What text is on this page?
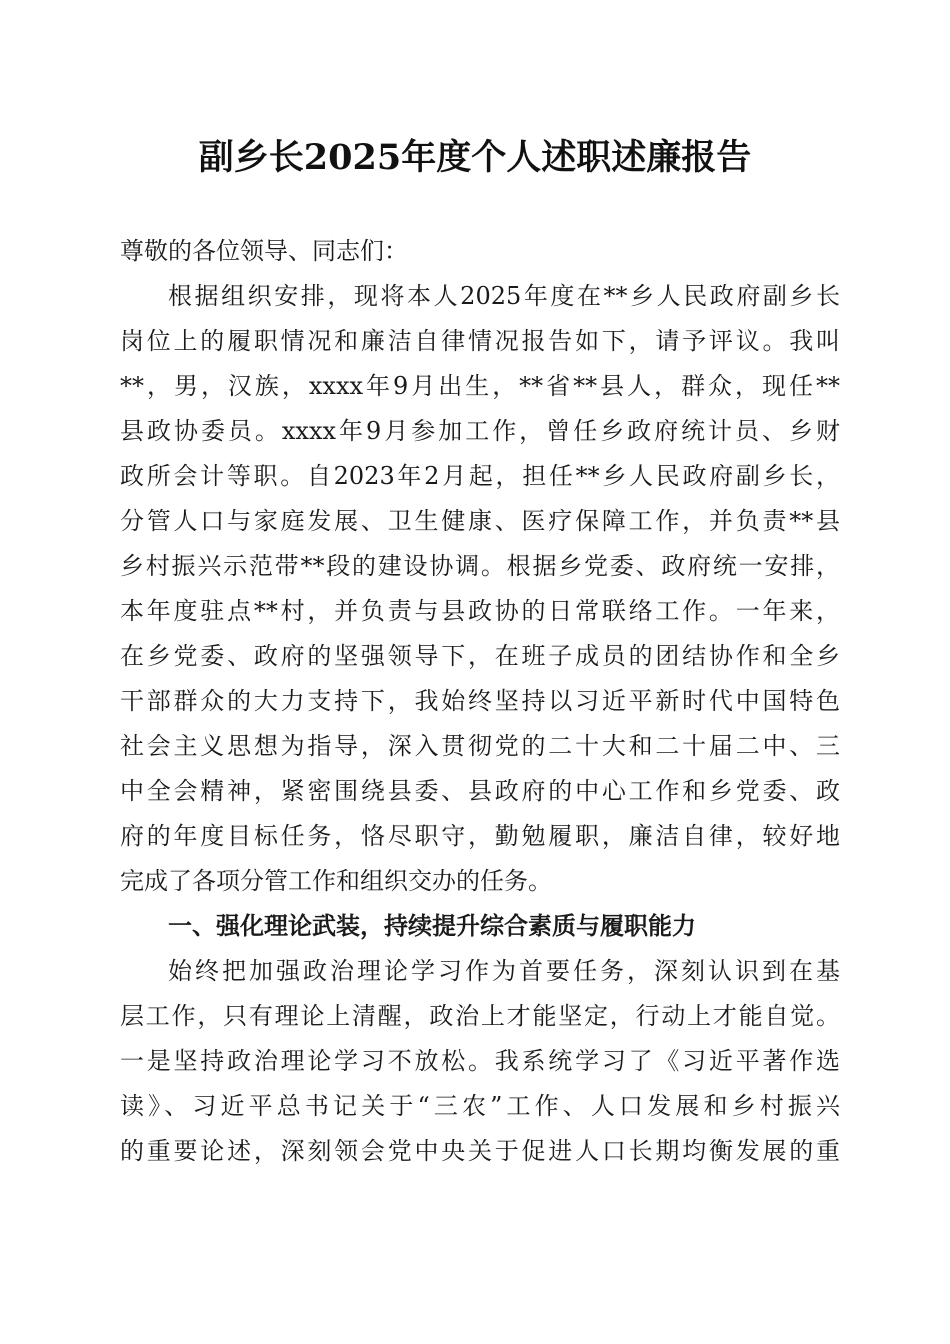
副乡长2025年度个人述职述廉报告
尊敬的各位领导、同志们：
根据组织安排，现将本人2025年度在**乡人民政府副乡长
岗位上的履职情况和廉洁自律情况报告如下，请予评议。我叫
**，男，汉族，xxxx年9月出生，**省**县人，群众，现任**
县政协委员。xxxx年9月参加工作，曾任乡政府统计员、乡财
政所会计等职。自2023年2月起，担任**乡人民政府副乡长，
分管人口与家庭发展、卫生健康、医疗保障工作，并负责**县
乡村振兴示范带**段的建设协调。根据乡党委、政府统一安排，
本年度驻点**村，并负责与县政协的日常联络工作。一年来，
在乡党委、政府的坚强领导下，在班子成员的团结协作和全乡
干部群众的大力支持下，我始终坚持以习近平新时代中国特色
社会主义思想为指导，深入贯彻党的二十大和二十届二中、三
中全会精神，紧密围绕县委、县政府的中心工作和乡党委、政
府的年度目标任务，恪尽职守，勤勉履职，廉洁自律，较好地
完成了各项分管工作和组织交办的任务。
一、强化理论武装，持续提升综合素质与履职能力
始终把加强政治理论学习作为首要任务，深刻认识到在基
层工作，只有理论上清醒，政治上才能坚定，行动上才能自觉。
一是坚持政治理论学习不放松。我系统学习了《习近平著作选
读》、习近平总书记关于“三农”工作、人口发展和乡村振兴
的重要论述，深刻领会党中央关于促进人口长期均衡发展的重
